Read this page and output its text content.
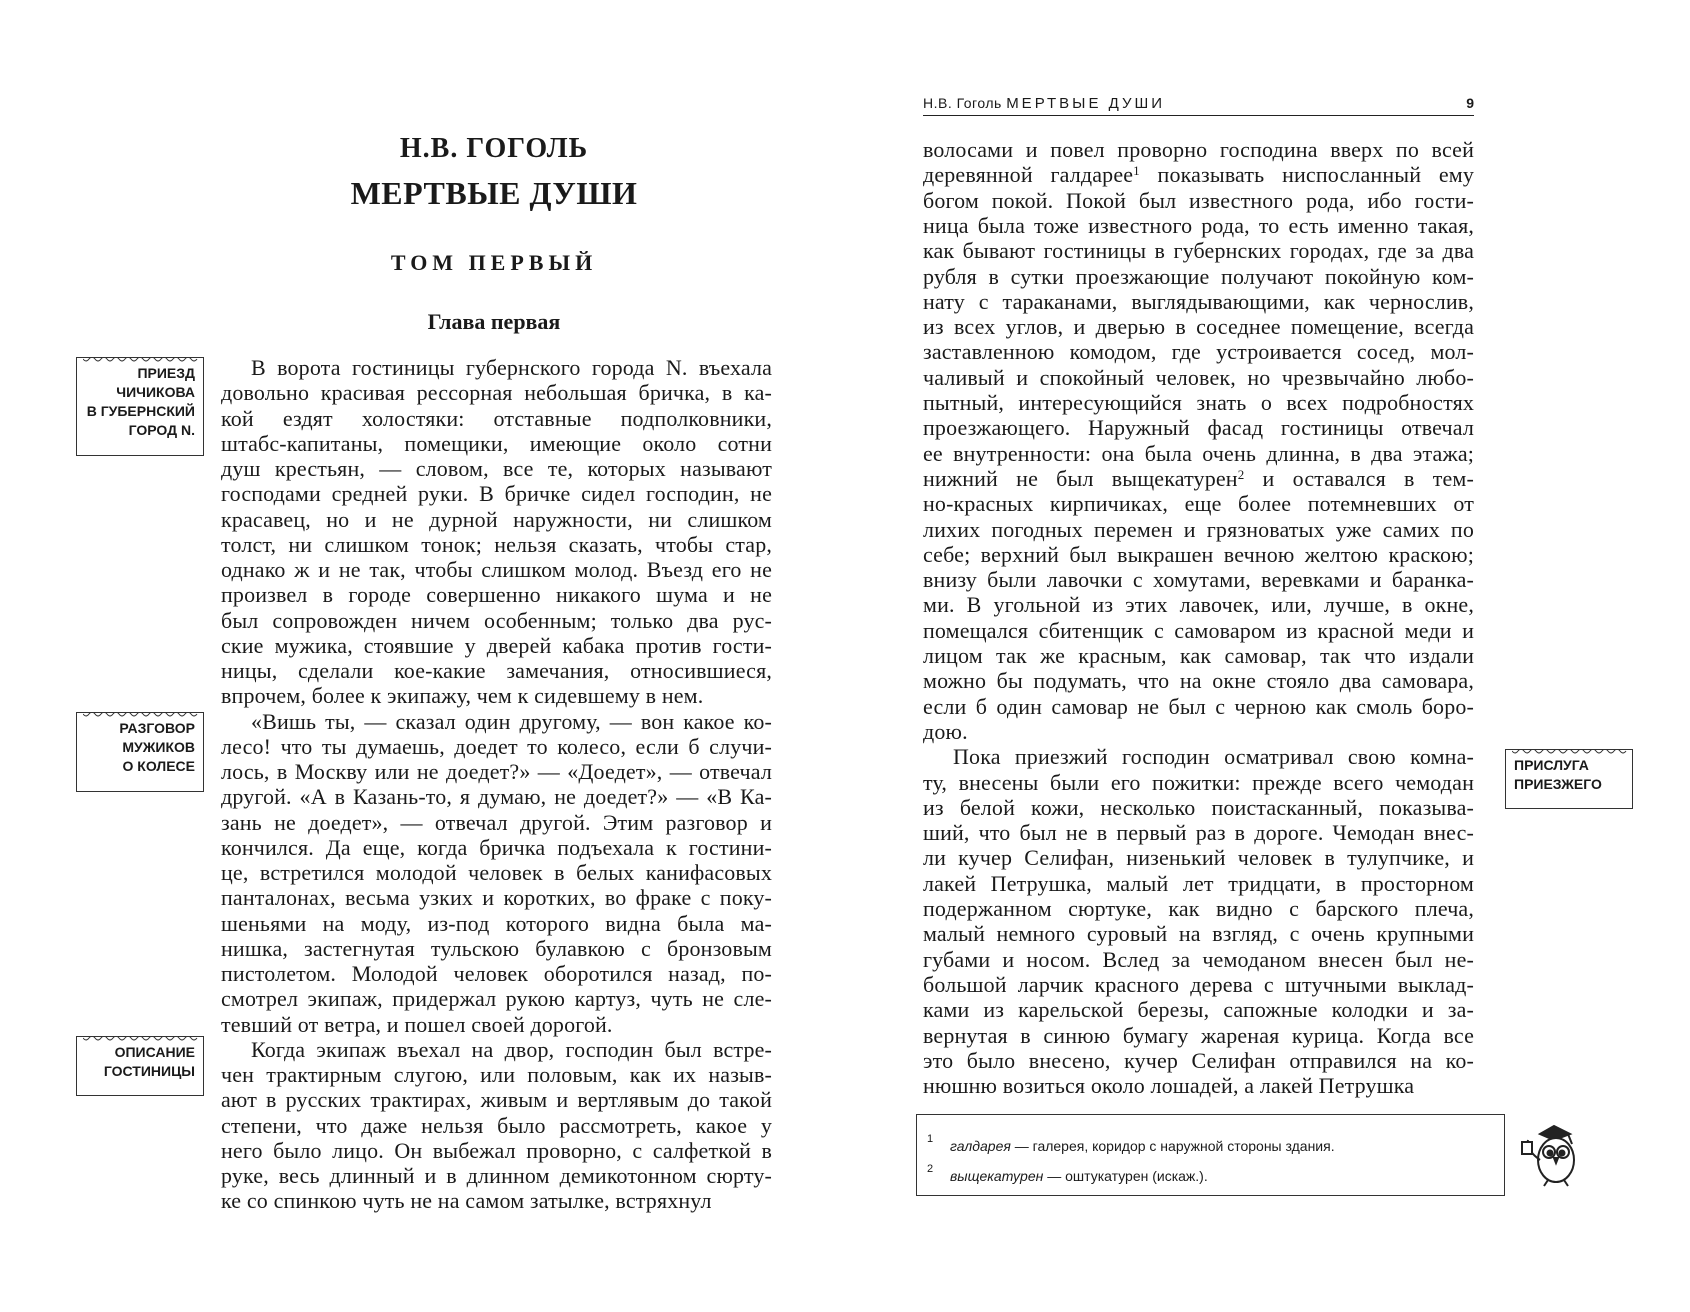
Н.В. ГОГОЛЬ
МЕРТВЫЕ ДУШИ
ТОМ ПЕРВЫЙ
Глава первая
ПРИЕЗД
ЧИЧИКОВА
В ГУБЕРНСКИЙ
ГОРОД N.
РАЗГОВОР
МУЖИКОВ
О КОЛЕСЕ
ОПИСАНИЕ
ГОСТИНИЦЫ
ПРИСЛУГА
ПРИЕЗЖЕГО
Н.В. Гоголь МЕРТВЫЕ ДУШИ	9
В ворота гостиницы губернского города N. въехала
довольно красивая рессорная небольшая бричка, в ка-
кой ездят холостяки: отставные подполковники,
штабс-капитаны, помещики, имеющие около сотни
душ крестьян, — словом, все те, которых называют
господами средней руки. В бричке сидел господин, не
красавец, но и не дурной наружности, ни слишком
толст, ни слишком тонок; нельзя сказать, чтобы стар,
однако ж и не так, чтобы слишком молод. Въезд его не
произвел в городе совершенно никакого шума и не
был сопровожден ничем особенным; только два рус-
ские мужика, стоявшие у дверей кабака против гости-
ницы, сделали кое-какие замечания, относившиеся,
впрочем, более к экипажу, чем к сидевшему в нем.
«Вишь ты, — сказал один другому, — вон какое ко-
лесо! что ты думаешь, доедет то колесо, если б случи-
лось, в Москву или не доедет?» — «Доедет», — отвечал
другой. «А в Казань-то, я думаю, не доедет?» — «В Ка-
зань не доедет», — отвечал другой. Этим разговор и
кончился. Да еще, когда бричка подъехала к гостини-
це, встретился молодой человек в белых канифасовых
панталонах, весьма узких и коротких, во фраке с поку-
шеньями на моду, из-под которого видна была ма-
нишка, застегнутая тульскою булавкою с бронзовым
пистолетом. Молодой человек оборотился назад, по-
смотрел экипаж, придержал рукою картуз, чуть не сле-
тевший от ветра, и пошел своей дорогой.
Когда экипаж въехал на двор, господин был встре-
чен трактирным слугою, или половым, как их назыв-
ают в русских трактирах, живым и вертлявым до такой
степени, что даже нельзя было рассмотреть, какое у
него было лицо. Он выбежал проворно, с салфеткой в
руке, весь длинный и в длинном демикотонном сюрту-
ке со спинкою чуть не на самом затылке, встряхнул
волосами и повел проворно господина вверх по всей
деревянной галдарее$^1$ показывать ниспосланный ему
богом покой. Покой был известного рода, ибо гости-
ница была тоже известного рода, то есть именно такая,
как бывают гостиницы в губернских городах, где за два
рубля в сутки проезжающие получают покойную ком-
нату с тараканами, выглядывающими, как чернослив,
из всех углов, и дверью в соседнее помещение, всегда
заставленною комодом, где устроивается сосед, мол-
чаливый и спокойный человек, но чрезвычайно любо-
пытный, интересующийся знать о всех подробностях
проезжающего. Наружный фасад гостиницы отвечал
ее внутренности: она была очень длинна, в два этажа;
нижний не был выщекатурен$^2$ и оставался в тем-
но-красных кирпичиках, еще более потемневших от
лихих погодных перемен и грязноватых уже самих по
себе; верхний был выкрашен вечною желтою краскою;
внизу были лавочки с хомутами, веревками и баранка-
ми. В угольной из этих лавочек, или, лучше, в окне,
помещался сбитенщик с самоваром из красной меди и
лицом так же красным, как самовар, так что издали
можно бы подумать, что на окне стояло два самовара,
если б один самовар не был с черною как смоль боро-
дою.
Пока приезжий господин осматривал свою комна-
ту, внесены были его пожитки: прежде всего чемодан
из белой кожи, несколько поистасканный, показыва-
ший, что был не в первый раз в дороге. Чемодан внес-
ли кучер Селифан, низенький человек в тулупчике, и
лакей Петрушка, малый лет тридцати, в просторном
подержанном сюртуке, как видно с барского плеча,
малый немного суровый на взгляд, с очень крупными
губами и носом. Вслед за чемоданом внесен был не-
большой ларчик красного дерева с штучными выклад-
ками из карельской березы, сапожные колодки и за-
вернутая в синюю бумагу жареная курица. Когда все
это было внесено, кучер Селифан отправился на ко-
нюшню возиться около лошадей, а лакей Петрушка
1 галдарея — галерея, коридор с наружной стороны здания.
2 выщекатурен — оштукатурен (искаж.).
